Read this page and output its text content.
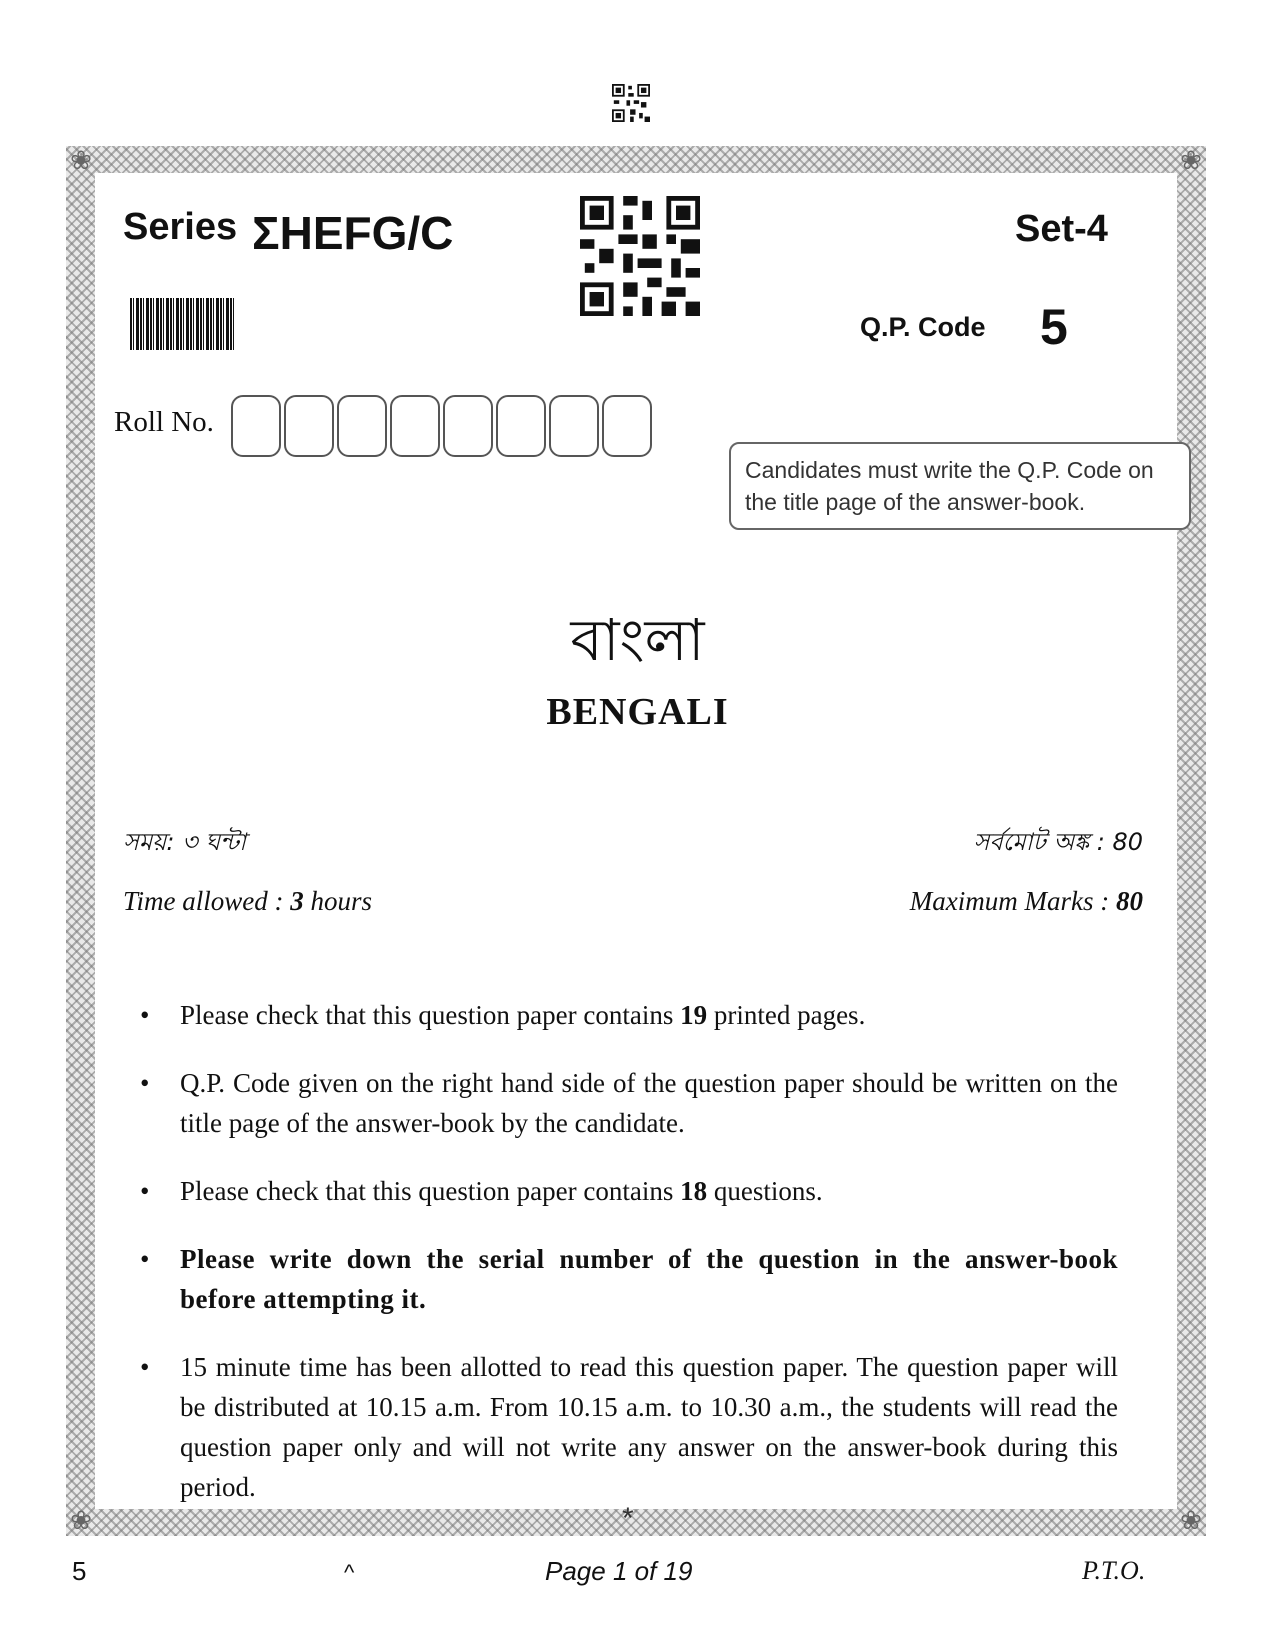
❀	❀
❀	❀
Series ΣHEFG/C	Set-4
Q.P. Code 5
Roll No.
Candidates must write the Q.P. Code on the title page of the answer-book.
বাংলা
BENGALI
সময়: ৩ ঘন্টা	সর্বমোট অঙ্ক : 80
Time allowed : 3 hours	Maximum Marks : 80
• Please check that this question paper contains 19 printed pages.
• Q.P. Code given on the right hand side of the question paper should be written on the title page of the answer-book by the candidate.
• Please check that this question paper contains 18 questions.
• Please write down the serial number of the question in the answer-book before attempting it.
• 15 minute time has been allotted to read this question paper. The question paper will be distributed at 10.15 a.m. From 10.15 a.m. to 10.30 a.m., the students will read the question paper only and will not write any answer on the answer-book during this period.
*
5	^	Page 1 of 19	P.T.O.
